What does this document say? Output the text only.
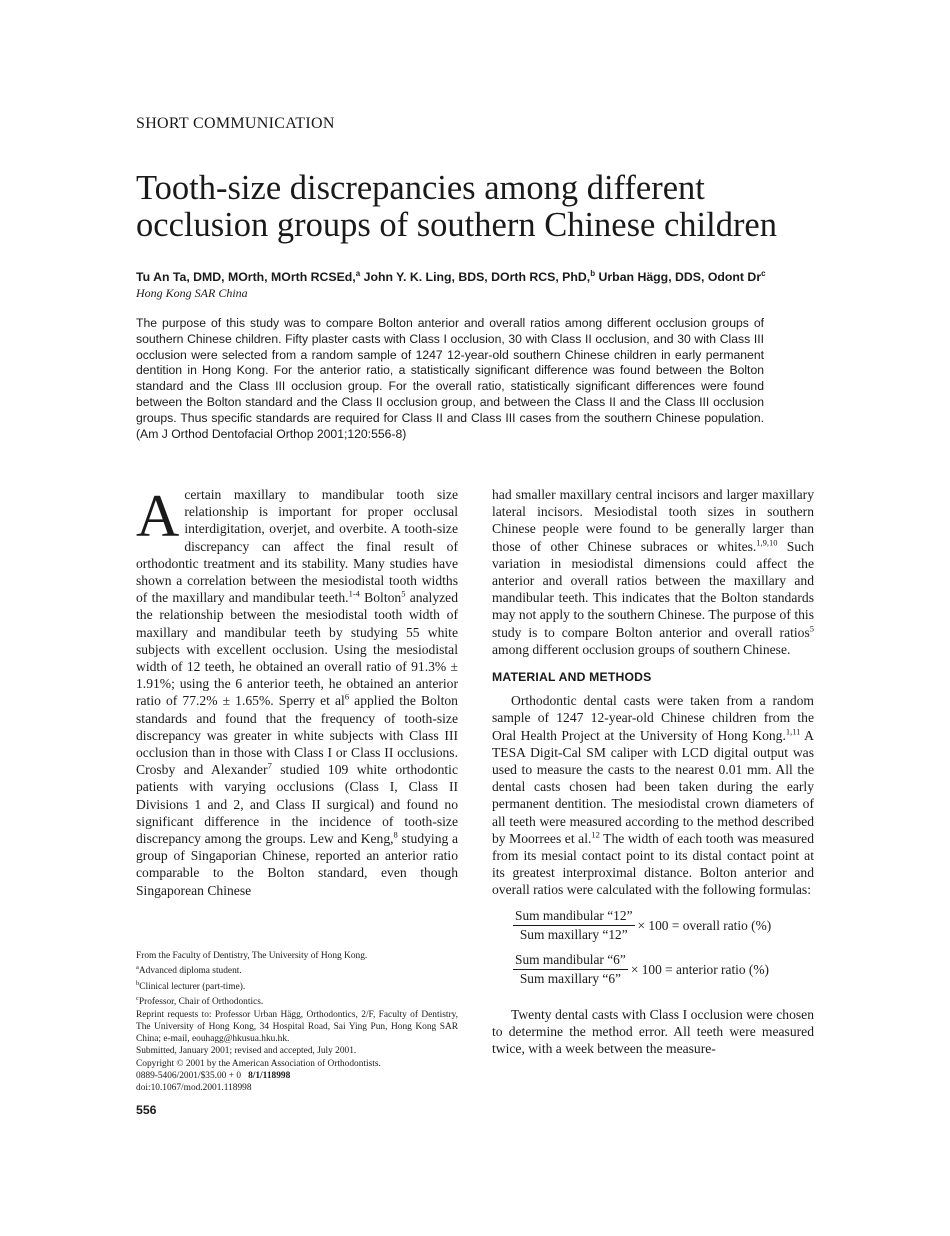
SHORT COMMUNICATION
Tooth-size discrepancies among different occlusion groups of southern Chinese children
Tu An Ta, DMD, MOrth, MOrth RCSEd,$^a$ John Y. K. Ling, BDS, DOrth RCS, PhD,$^b$ Urban Hägg, DDS, Odont Dr$^c$
Hong Kong SAR China

The purpose of this study was to compare Bolton anterior and overall ratios among different occlusion groups of southern Chinese children. Fifty plaster casts with Class I occlusion, 30 with Class II occlusion, and 30 with Class III occlusion were selected from a random sample of 1247 12-year-old southern Chinese children in early permanent dentition in Hong Kong. For the anterior ratio, a statistically significant difference was found between the Bolton standard and the Class III occlusion group. For the overall ratio, statistically significant differences were found between the Bolton standard and the Class II occlusion group, and between the Class II and the Class III occlusion groups. Thus specific standards are required for Class II and Class III cases from the southern Chinese population. (Am J Orthod Dentofacial Orthop 2001;120:556-8)

A certain maxillary to mandibular tooth size relationship is important for proper occlusal interdigitation, overjet, and overbite. A tooth-size discrepancy can affect the final result of orthodontic treatment and its stability. Many studies have shown a correlation between the mesiodistal tooth widths of the maxillary and mandibular teeth.$^{1-4}$ Bolton$^5$ analyzed the relationship between the mesiodistal tooth width of maxillary and mandibular teeth by studying 55 white subjects with excellent occlusion. Using the mesiodistal width of 12 teeth, he obtained an overall ratio of 91.3% ± 1.91%; using the 6 anterior teeth, he obtained an anterior ratio of 77.2% ± 1.65%. Sperry et $al^6$ applied the Bolton standards and found that the frequency of tooth-size discrepancy was greater in white subjects with Class III occlusion than in those with Class I or Class II occlusions. Crosby and Alexander$^7$ studied 109 white orthodontic patients with varying occlusions (Class I, Class II Divisions 1 and 2, and Class II surgical) and found no significant difference in the incidence of tooth-size discrepancy among the groups. Lew and Keng,$^8$ studying a group of Singaporian Chinese, reported an anterior ratio comparable to the Bolton standard, even though Singaporean Chinese

had smaller maxillary central incisors and larger maxillary lateral incisors. Mesiodistal tooth sizes in southern Chinese people were found to be generally larger than those of other Chinese subraces or whites.$^{1,9,10}$ Such variation in mesiodistal dimensions could affect the anterior and overall ratios between the maxillary and mandibular teeth. This indicates that the Bolton standards may not apply to the southern Chinese. The purpose of this study is to compare Bolton anterior and overall ratios$^5$ among different occlusion groups of southern Chinese.

MATERIAL AND METHODS

Orthodontic dental casts were taken from a random sample of 1247 12-year-old Chinese children from the Oral Health Project at the University of Hong Kong.$^{1,11}$ A TESA Digit-Cal SM caliper with LCD digital output was used to measure the casts to the nearest 0.01 mm. All the dental casts chosen had been taken during the early permanent dentition. The mesiodistal crown diameters of all teeth were measured according to the method described by Moorrees et al.$^{12}$ The width of each tooth was measured from its mesial contact point to its distal contact point at its greatest interproximal distance. Bolton anterior and overall ratios were calculated with the following formulas:

$\frac{\text{Sum mandibular “12”}}{\text{Sum maxillary “12”}} \times 100$ = overall ratio (%)
$\frac{\text{Sum mandibular “6”}}{\text{Sum maxillary “6”}} \times 100$ = anterior ratio (%)

Twenty dental casts with Class I occlusion were chosen to determine the method error. All teeth were measured twice, with a week between the measure-

From the Faculty of Dentistry, The University of Hong Kong.
$^a$Advanced diploma student.
$^b$Clinical lecturer (part-time).
$^c$Professor, Chair of Orthodontics.
Reprint requests to: Professor Urban Hägg, Orthodontics, 2/F, Faculty of Dentistry, The University of Hong Kong, 34 Hospital Road, Sai Ying Pun, Hong Kong SAR China; e-mail, eouhagg@hkusua.hku.hk.
Submitted, January 2001; revised and accepted, July 2001.
Copyright © 2001 by the American Association of Orthodontists.
0889-5406/2001/$35.00 + 0   8/1/118998
doi:10.1067/mod.2001.118998
556
